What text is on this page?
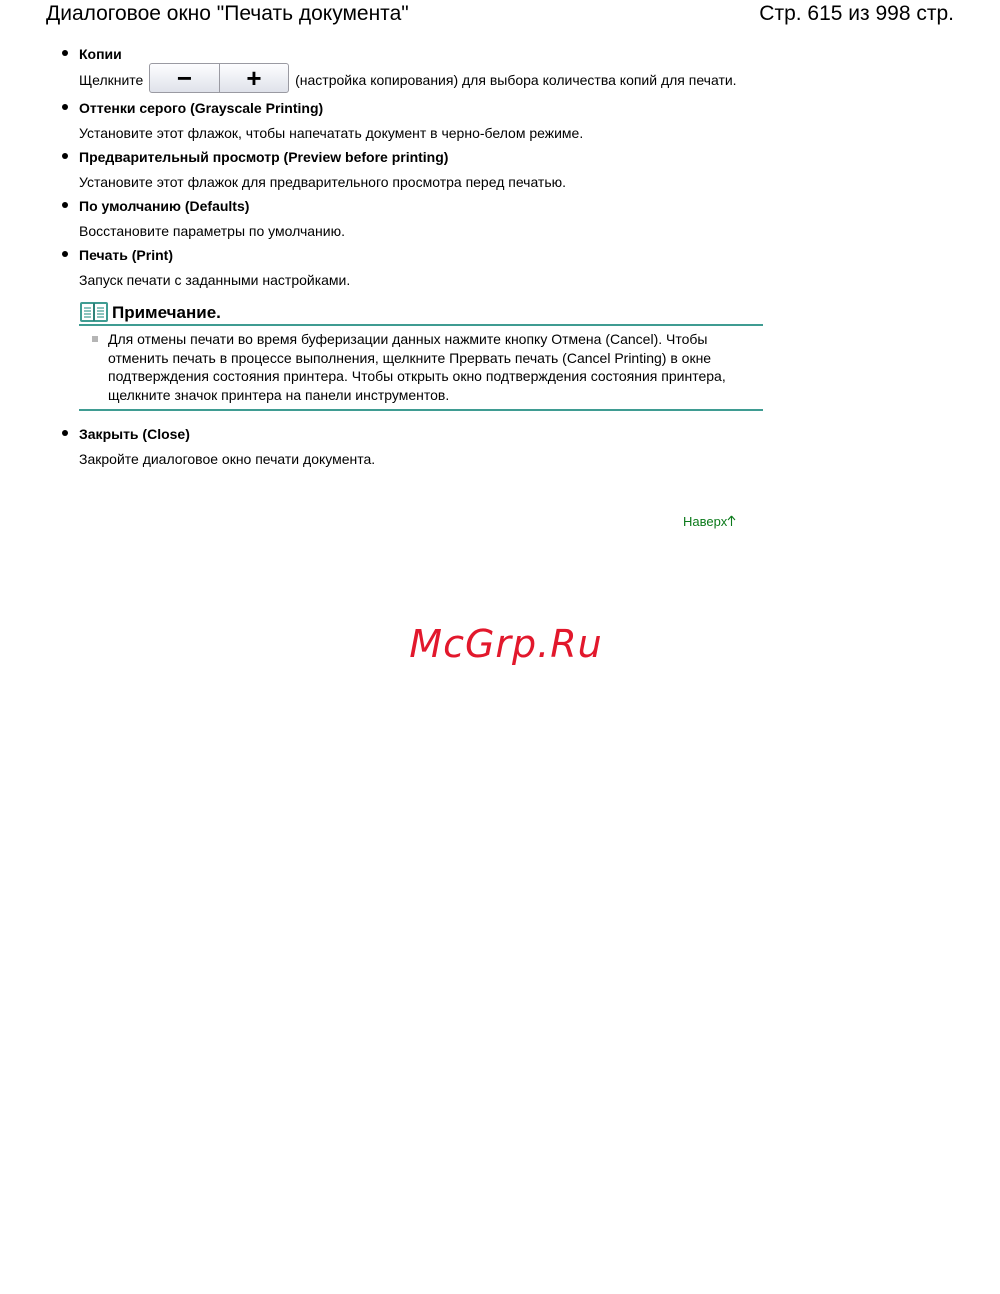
Диалоговое окно "Печать документа"	Стр. 615 из 998 стр.
Копии
Щелкните	−	+	(настройка копирования) для выбора количества копий для печати.
Оттенки серого (Grayscale Printing)
Установите этот флажок, чтобы напечатать документ в черно-белом режиме.
Предварительный просмотр (Preview before printing)
Установите этот флажок для предварительного просмотра перед печатью.
По умолчанию (Defaults)
Восстановите параметры по умолчанию.
Печать (Print)
Запуск печати с заданными настройками.
Примечание.
Для отмены печати во время буферизации данных нажмите кнопку Отмена (Cancel). Чтобы отменить печать в процессе выполнения, щелкните Прервать печать (Cancel Printing) в окне подтверждения состояния принтера. Чтобы открыть окно подтверждения состояния принтера, щелкните значок принтера на панели инструментов.
Закрыть (Close)
Закройте диалоговое окно печати документа.
Наверх
McGrp.Ru
